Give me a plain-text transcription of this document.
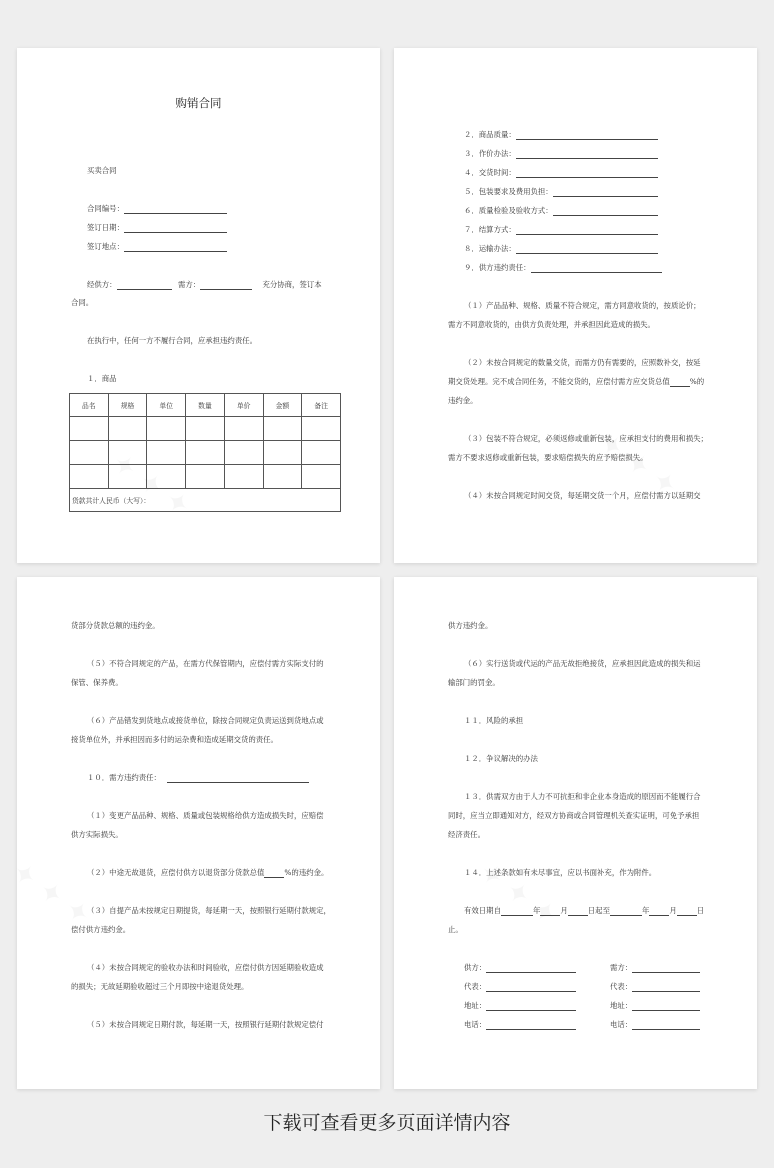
购销合同
买卖合同
合同编号：
签订日期：
签订地点：
经供方：	需方：	充分协商，签订本
合同。
在执行中，任何一方不履行合同，应承担违约责任。
１．商品
品名	规格	单位	数量	单价	金额	备注

货款共计人民币（大写）：						
２．商品质量：
３．作价办法：
４．交货时间：
５．包装要求及费用负担：
６．质量检验及验收方式：
７．结算方式：
８．运输办法：
９．供方违约责任：
（１）产品品种、规格、质量不符合规定，需方同意收货的，按质论价；
需方不同意收货的，由供方负责处理，并承担因此造成的损失。
（２）未按合同规定的数量交货，而需方仍有需要的，应照数补交，按延
期交货处理。完不成合同任务，不能交货的，应偿付需方应交货总值	%的
违约金。
（３）包装不符合规定，必须返修或重新包装，应承担支付的费用和损失；
需方不要求返修或重新包装，要求赔偿损失的应予赔偿损失。
（４）未按合同规定时间交货，每延期交货一个月，应偿付需方以延期交
货部分货款总额的违约金。
（５）不符合同规定的产品，在需方代保管期内，应偿付需方实际支付的
保管、保养费。
（６）产品错发到货地点或接货单位，除按合同规定负责运送到货地点或
接货单位外，并承担因而多付的运杂费和造成延期交货的责任。
１０．需方违约责任：
（１）变更产品品种、规格、质量或包装规格给供方造成损失时，应赔偿
供方实际损失。
（２）中途无故退货，应偿付供方以退货部分货款总值	%的违约金。
（３）自提产品未按规定日期提货，每延期一天，按照银行延期付款规定，
偿付供方违约金。
（４）未按合同规定的验收办法和时间验收，应偿付供方因延期验收造成
的损失；无故延期验收超过三个月即按中途退货处理。
（５）未按合同规定日期付款，每延期一天，按照银行延期付款规定偿付
供方违约金。
（６）实行送货或代运的产品无故拒绝接货，应承担因此造成的损失和运
输部门的罚金。
１１．风险的承担
１２．争议解决的办法
１３．供需双方由于人力不可抗拒和非企业本身造成的原因而不能履行合
同时，应当立即通知对方，经双方协商或合同管理机关查实证明，可免予承担
经济责任。
１４．上述条款如有未尽事宜，应以书面补充，作为附件。
有效日期自	年	月	日起至	年	月	日
止。
供方：	需方：
代表：	代表：
地址：	地址：
电话：	电话：
下载可查看更多页面详情内容
